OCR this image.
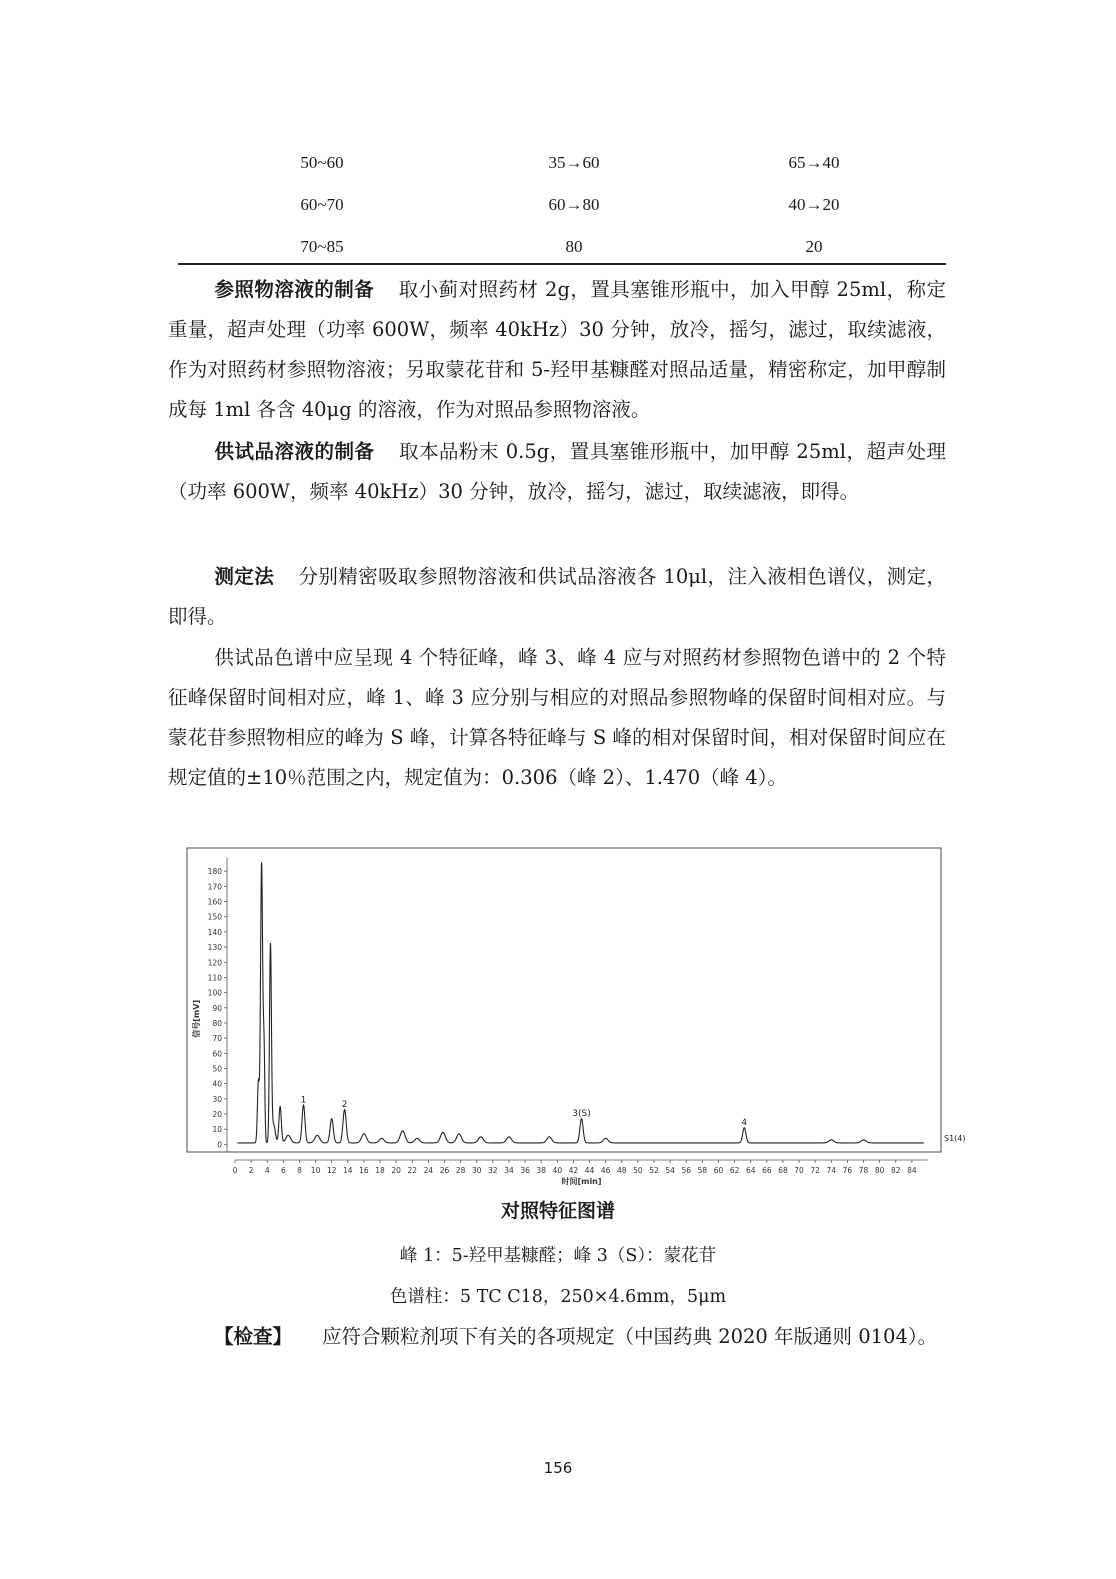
50~60	35→60	65→40
60~70	60→80	40→20
70~85	80	20

参照物溶液的制备 取小蓟对照药材 2g，置具塞锥形瓶中，加入甲醇 25ml，称定重量，超声处理（功率 600W，频率 40kHz）30 分钟，放冷，摇匀，滤过，取续滤液，作为对照药材参照物溶液；另取蒙花苷和 5-羟甲基糠醛对照品适量，精密称定，加甲醇制成每 1ml 各含 40μg 的溶液，作为对照品参照物溶液。

供试品溶液的制备 取本品粉末 0.5g，置具塞锥形瓶中，加甲醇 25ml，超声处理（功率 600W，频率 40kHz）30 分钟，放冷，摇匀，滤过，取续滤液，即得。

测定法 分别精密吸取参照物溶液和供试品溶液各 10μl，注入液相色谱仪，测定，即得。

供试品色谱中应呈现 4 个特征峰，峰 3、峰 4 应与对照药材参照物色谱中的 2 个特征峰保留时间相对应，峰 1、峰 3 应分别与相应的对照品参照物峰的保留时间相对应。与蒙花苷参照物相应的峰为 S 峰，计算各特征峰与 S 峰的相对保留时间，相对保留时间应在规定值的±10％范围之内，规定值为：0.306（峰 2）、1.470（峰 4）。

0
10
20
30
40
50
60
70
80
90
100
110
120
130
140
150
160
170
180
信号[mV]
0 2 4 6 8 10 12 14 16 18 20 22 24 26 28 30 32 34 36 38 40 42 44 46 48 50 52 54 56 58 60 62 64 66 68 70 72 74 76 78 80 82 84
时间[min]
1	2
3(S)
4
S1(4)
对照特征图谱
峰 1：5-羟甲基糠醛；峰 3（S）：蒙花苷
色谱柱：5 TC C18，250×4.6mm，5μm
【检查】 应符合颗粒剂项下有关的各项规定（中国药典 2020 年版通则 0104）。
156
